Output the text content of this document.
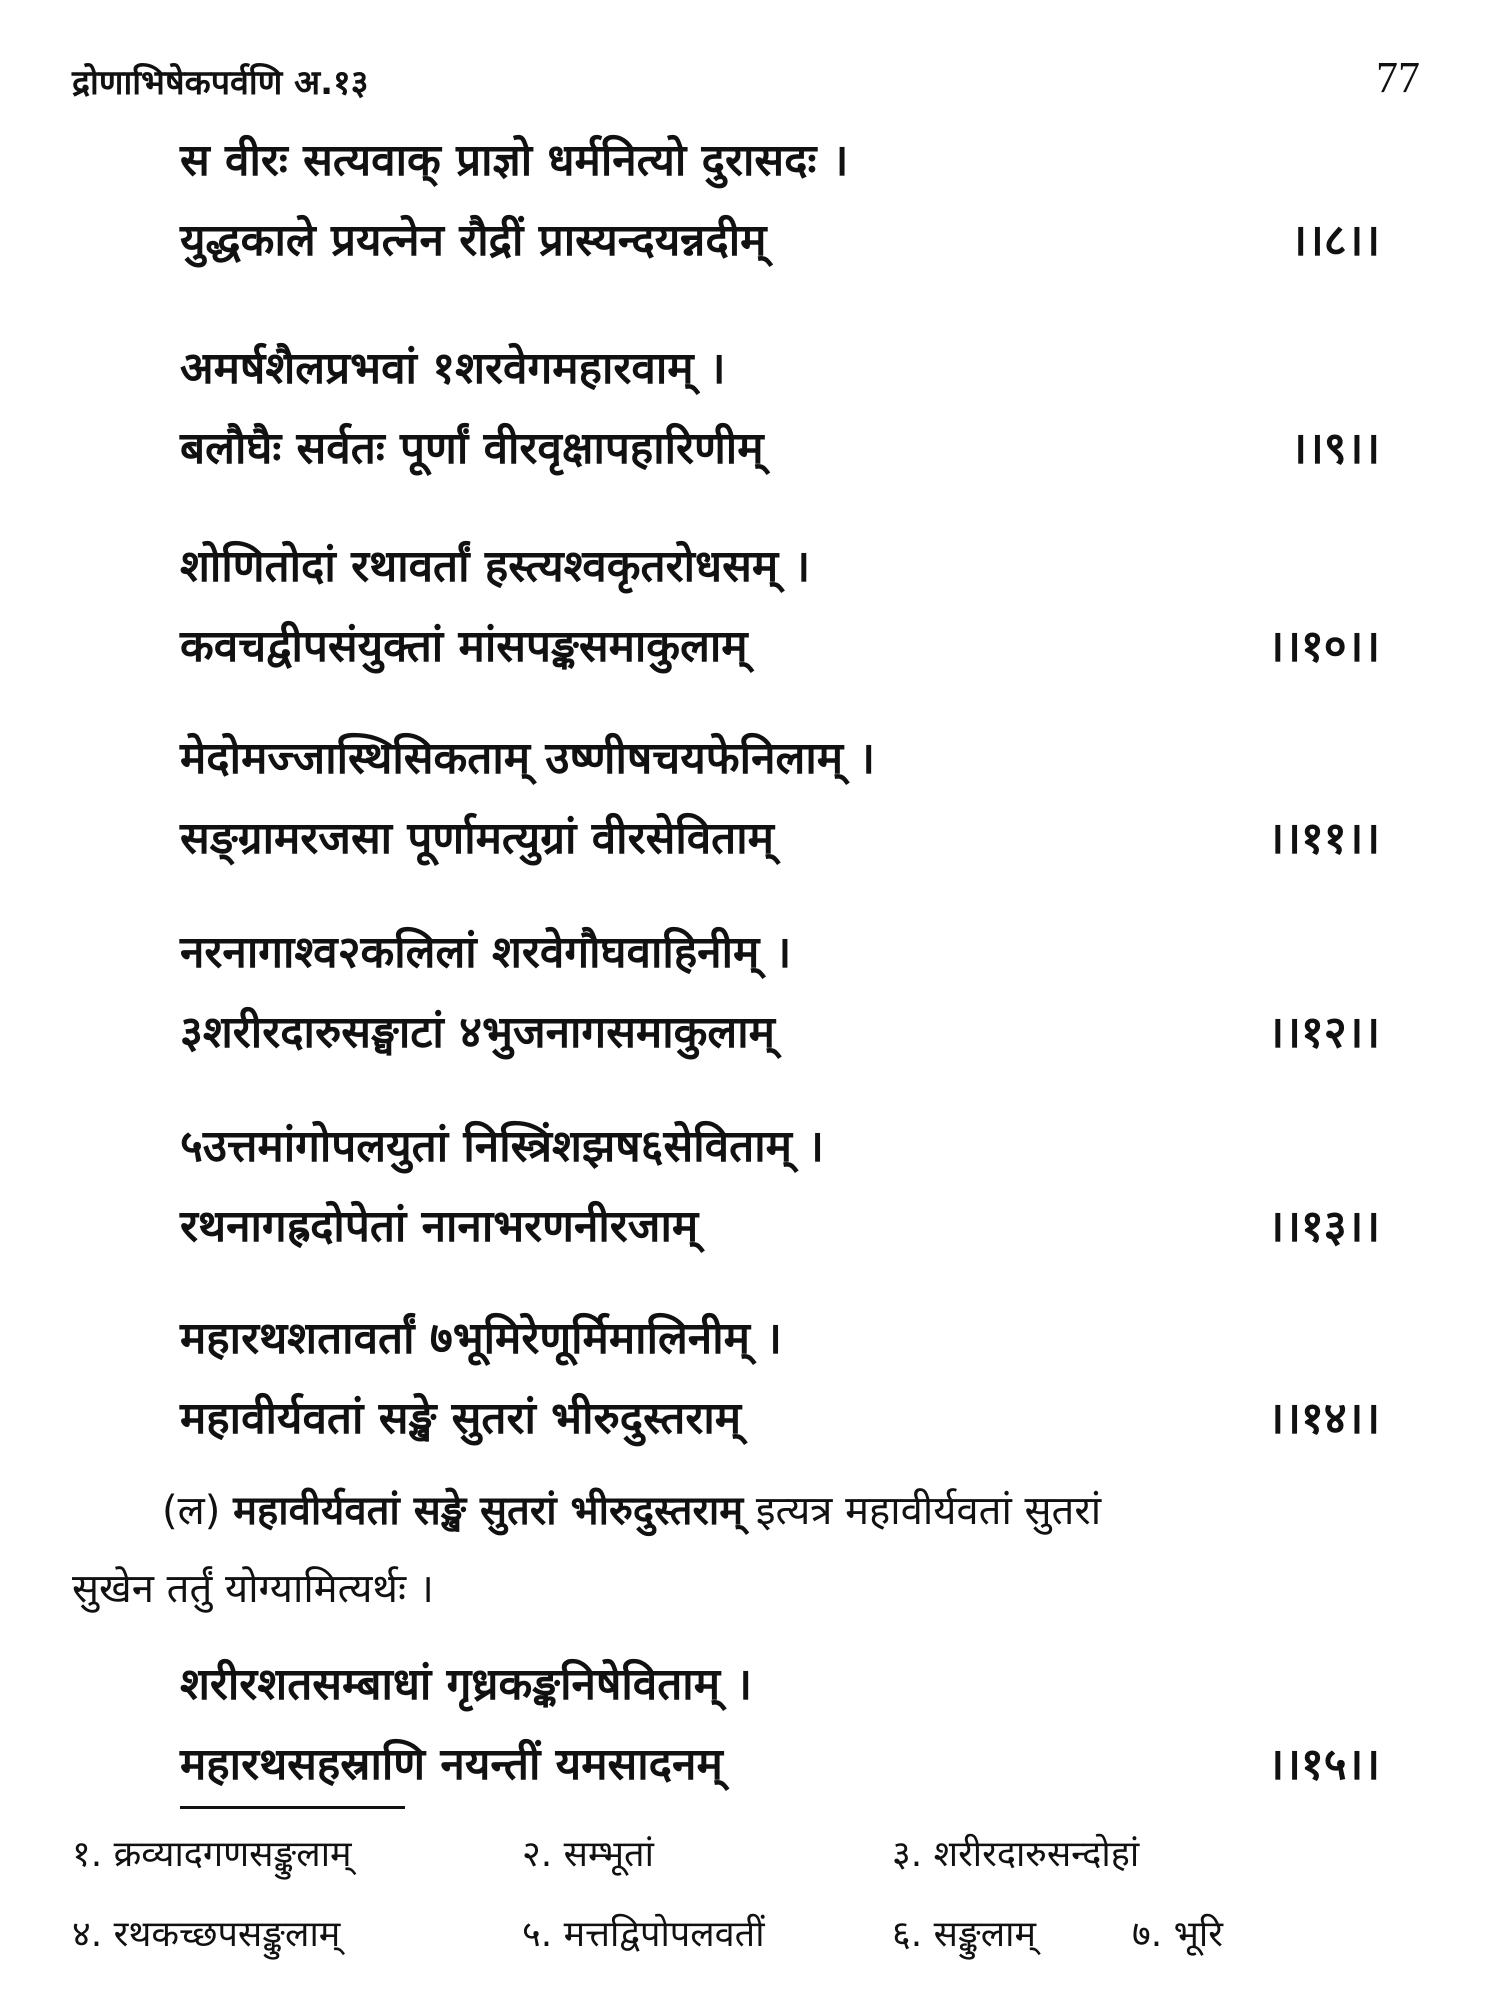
द्रोणाभिषेकपर्वणि अ.१३	77
स वीरः सत्यवाक् प्राज्ञो धर्मनित्यो दुरासदः ।
युद्धकाले प्रयत्नेन रौद्रीं प्रास्यन्दयन्नदीम्	।।८।।
अमर्षशैलप्रभवां १शरवेगमहारवाम् ।
बलौघैः सर्वतः पूर्णां वीरवृक्षापहारिणीम्	।।९।।
शोणितोदां रथावर्तां हस्त्यश्वकृतरोधसम् ।
कवचद्वीपसंयुक्तां मांसपङ्कसमाकुलाम्	।।१०।।
मेदोमज्जास्थिसिकताम् उष्णीषचयफेनिलाम् ।
सङ्ग्रामरजसा पूर्णामत्युग्रां वीरसेविताम्	।।११।।
नरनागाश्व२कलिलां शरवेगौघवाहिनीम् ।
३शरीरदारुसङ्घाटां ४भुजनागसमाकुलाम्	।।१२।।
५उत्तमांगोपलयुतां निस्त्रिंशझष६सेविताम् ।
रथनागह्रदोपेतां नानाभरणनीरजाम्	।।१३।।
महारथशतावर्तां ७भूमिरेणूर्मिमालिनीम् ।
महावीर्यवतां सङ्खे सुतरां भीरुदुस्तराम्	।।१४।।
(ल) महावीर्यवतां सङ्खे सुतरां भीरुदुस्तराम् इत्यत्र महावीर्यवतां सुतरां
सुखेन तर्तुं योग्यामित्यर्थः ।
शरीरशतसम्बाधां गृध्रकङ्कनिषेविताम् ।
महारथसहस्राणि नयन्तीं यमसादनम्	।।१५।।
१. क्रव्यादगणसङ्कुलाम्	२. सम्भूतां	३. शरीरदारुसन्दोहां
४. रथकच्छपसङ्कुलाम्	५. मत्तद्विपोपलवतीं	६. सङ्कुलाम्	७. भूरि
